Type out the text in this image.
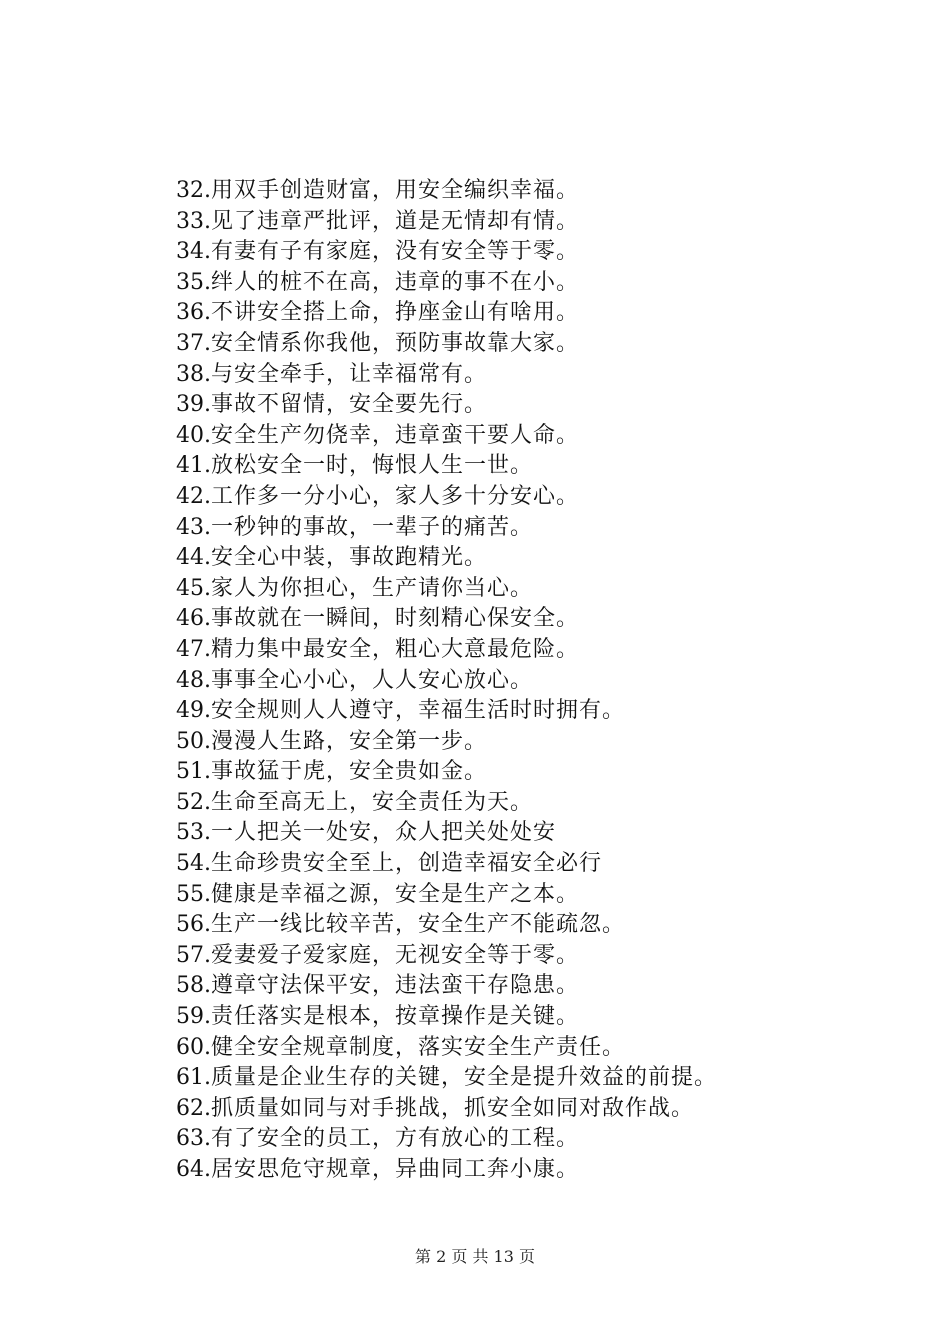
32.用双手创造财富，用安全编织幸福。
33.见了违章严批评，道是无情却有情。
34.有妻有子有家庭，没有安全等于零。
35.绊人的桩不在高，违章的事不在小。
36.不讲安全搭上命，挣座金山有啥用。
37.安全情系你我他，预防事故靠大家。
38.与安全牵手，让幸福常有。
39.事故不留情，安全要先行。
40.安全生产勿侥幸，违章蛮干要人命。
41.放松安全一时，悔恨人生一世。
42.工作多一分小心，家人多十分安心。
43.一秒钟的事故，一辈子的痛苦。
44.安全心中装，事故跑精光。
45.家人为你担心，生产请你当心。
46.事故就在一瞬间，时刻精心保安全。
47.精力集中最安全，粗心大意最危险。
48.事事全心小心，人人安心放心。
49.安全规则人人遵守，幸福生活时时拥有。
50.漫漫人生路，安全第一步。
51.事故猛于虎，安全贵如金。
52.生命至高无上，安全责任为天。
53.一人把关一处安，众人把关处处安
54.生命珍贵安全至上，创造幸福安全必行
55.健康是幸福之源，安全是生产之本。
56.生产一线比较辛苦，安全生产不能疏忽。
57.爱妻爱子爱家庭，无视安全等于零。
58.遵章守法保平安，违法蛮干存隐患。
59.责任落实是根本，按章操作是关键。
60.健全安全规章制度，落实安全生产责任。
61.质量是企业生存的关键，安全是提升效益的前提。
62.抓质量如同与对手挑战，抓安全如同对敌作战。
63.有了安全的员工，方有放心的工程。
64.居安思危守规章，异曲同工奔小康。
第 2 页 共 13 页
